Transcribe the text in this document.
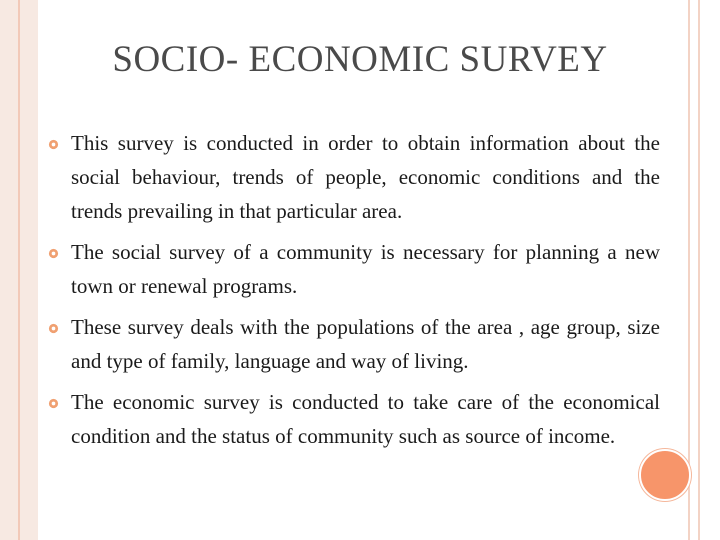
SOCIO- ECONOMIC SURVEY
This survey is conducted in order to obtain information about the social behaviour, trends of people, economic conditions and the trends prevailing in that particular area.
The social survey of a community is necessary for planning a new town or renewal programs.
These survey deals with the populations of the area , age group, size and type of family, language and way of living.
The economic survey is conducted to take care of the economical condition and the status of community such as source of income.
